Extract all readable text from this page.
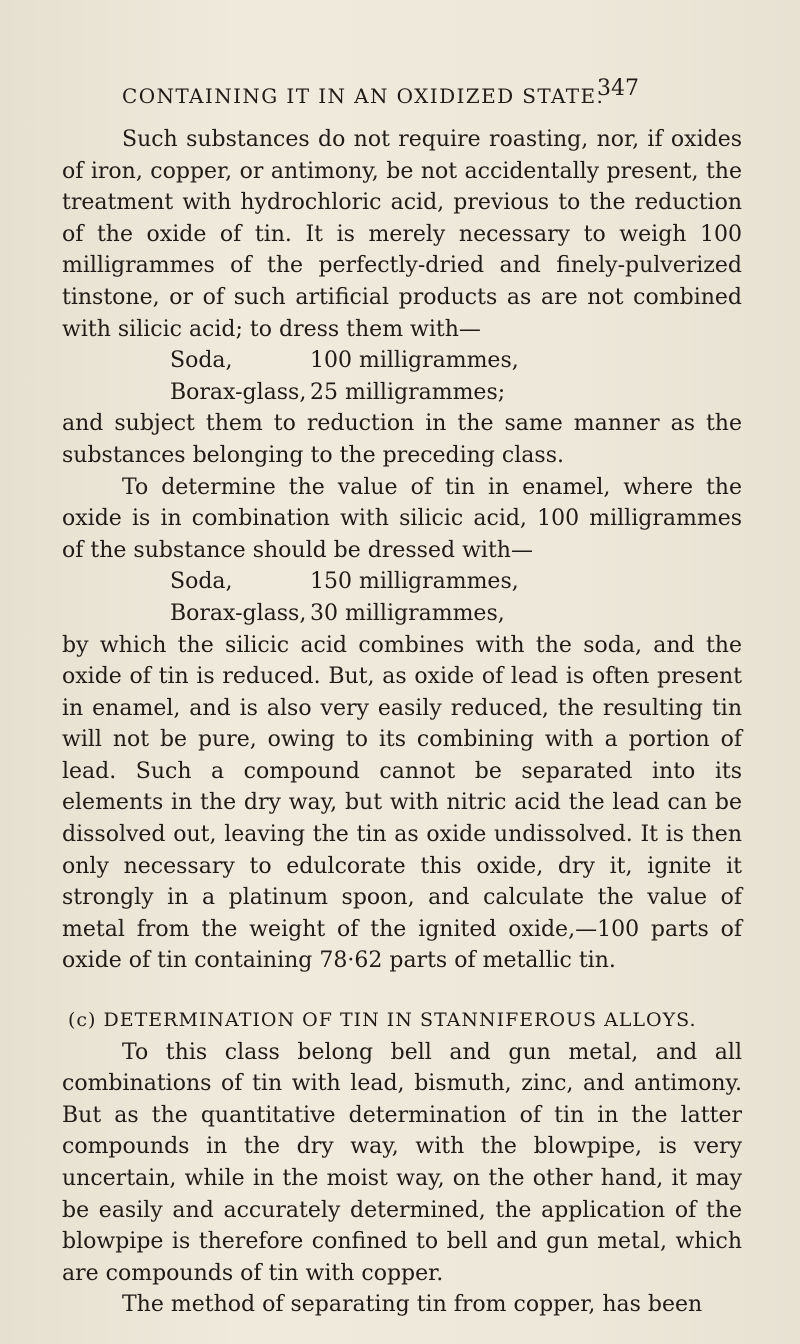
CONTAINING IT IN AN OXIDIZED STATE.
347

Such substances do not require roasting, nor, if oxides of iron, copper, or antimony, be not accidentally present, the treatment with hydrochloric acid, previous to the reduction of the oxide of tin. It is merely necessary to weigh 100 milligrammes of the perfectly-dried and finely-pulverized tinstone, or of such artificial products as are not combined with silicic acid; to dress them with—

Soda,	100 milligrammes,
Borax-glass, 25 milligrammes;

and subject them to reduction in the same manner as the substances belonging to the preceding class.

To determine the value of tin in enamel, where the oxide is in combination with silicic acid, 100 milligrammes of the substance should be dressed with—

Soda,	150 milligrammes,
Borax-glass, 30 milligrammes,

by which the silicic acid combines with the soda, and the oxide of tin is reduced. But, as oxide of lead is often present in enamel, and is also very easily reduced, the resulting tin will not be pure, owing to its combining with a portion of lead. Such a compound cannot be separated into its elements in the dry way, but with nitric acid the lead can be dissolved out, leaving the tin as oxide undissolved. It is then only necessary to edulcorate this oxide, dry it, ignite it strongly in a platinum spoon, and calculate the value of metal from the weight of the ignited oxide,—100 parts of oxide of tin containing 78·62 parts of metallic tin.

(c) DETERMINATION OF TIN IN STANNIFEROUS ALLOYS.

To this class belong bell and gun metal, and all combinations of tin with lead, bismuth, zinc, and antimony. But as the quantitative determination of tin in the latter compounds in the dry way, with the blowpipe, is very uncertain, while in the moist way, on the other hand, it may be easily and accurately determined, the application of the blowpipe is therefore confined to bell and gun metal, which are compounds of tin with copper.

The method of separating tin from copper, has been
